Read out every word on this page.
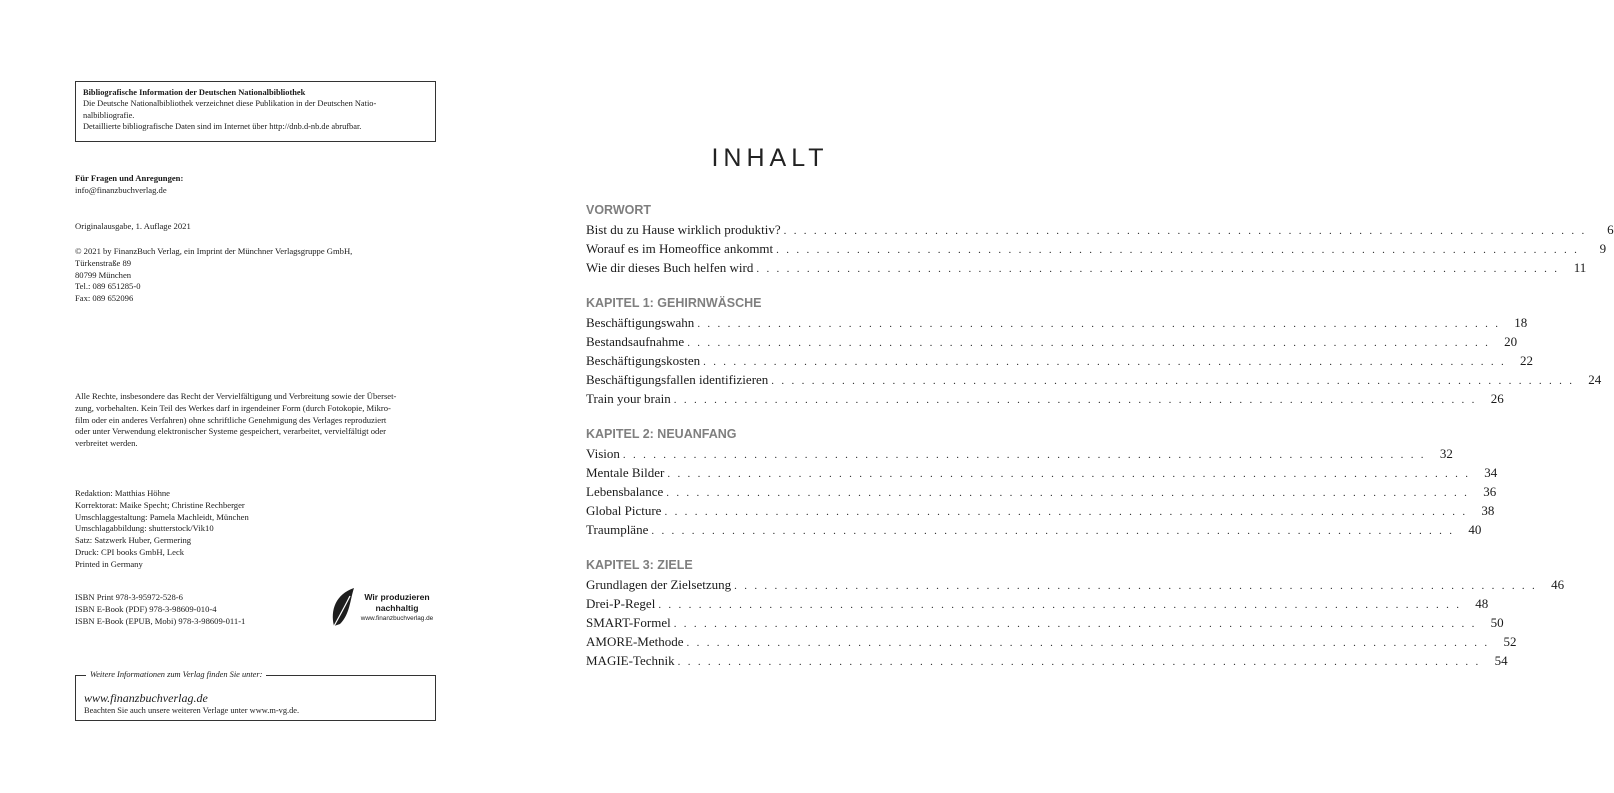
Bibliografische Information der Deutschen Nationalbibliothek
Die Deutsche Nationalbibliothek verzeichnet diese Publikation in der Deutschen Natio-
nalbibliografie.
Detaillierte bibliografische Daten sind im Internet über http://dnb.d-nb.de abrufbar.
Für Fragen und Anregungen:
info@finanzbuchverlag.de
Originalausgabe, 1. Auflage 2021
© 2021 by FinanzBuch Verlag, ein Imprint der Münchner Verlagsgruppe GmbH,
Türkenstraße 89
80799 München
Tel.: 089 651285-0
Fax: 089 652096
Alle Rechte, insbesondere das Recht der Vervielfältigung und Verbreitung sowie der Überset-
zung, vorbehalten. Kein Teil des Werkes darf in irgendeiner Form (durch Fotokopie, Mikro-
film oder ein anderes Verfahren) ohne schriftliche Genehmigung des Verlages reproduziert
oder unter Verwendung elektronischer Systeme gespeichert, verarbeitet, vervielfältigt oder
verbreitet werden.
Redaktion: Matthias Höhne
Korrektorat: Maike Specht; Christine Rechberger
Umschlaggestaltung: Pamela Machleidt, München
Umschlagabbildung: shutterstock/Vik10
Satz: Satzwerk Huber, Germering
Druck: CPI books GmbH, Leck
Printed in Germany
ISBN Print 978-3-95972-528-6
ISBN E-Book (PDF) 978-3-98609-010-4
ISBN E-Book (EPUB, Mobi) 978-3-98609-011-1
Wir produzieren
nachhaltig
www.finanzbuchverlag.de
Weitere Informationen zum Verlag finden Sie unter:
www.finanzbuchverlag.de
Beachten Sie auch unsere weiteren Verlage unter www.m-vg.de.
INHALT
VORWORT
Bist du zu Hause wirklich produktiv? . . . . . . . . . . . . . . . . . . . . . . . . . . . . . . . . . . . . . . . . . . . . . . . . . . . . . . . . . . . . . . . . . . . . . . . . . . . . . . . .	6
Worauf es im Homeoffice ankommt . . . . . . . . . . . . . . . . . . . . . . . . . . . . . . . . . . . . . . . . . . . . . . . . . . . . . . . . . . . . . . . . . . . . . . . . . . . . . . . .	9
Wie dir dieses Buch helfen wird . . . . . . . . . . . . . . . . . . . . . . . . . . . . . . . . . . . . . . . . . . . . . . . . . . . . . . . . . . . . . . . . . . . . . . . . . . . . . . . .	11
KAPITEL 1: GEHIRNWÄSCHE
Beschäftigungswahn . . . . . . . . . . . . . . . . . . . . . . . . . . . . . . . . . . . . . . . . . . . . . . . . . . . . . . . . . . . . . . . . . . . . . . . . . . . . . . . .	18
Bestandsaufnahme . . . . . . . . . . . . . . . . . . . . . . . . . . . . . . . . . . . . . . . . . . . . . . . . . . . . . . . . . . . . . . . . . . . . . . . . . . . . . . . .	20
Beschäftigungskosten . . . . . . . . . . . . . . . . . . . . . . . . . . . . . . . . . . . . . . . . . . . . . . . . . . . . . . . . . . . . . . . . . . . . . . . . . . . . . . . .	22
Beschäftigungsfallen identifizieren . . . . . . . . . . . . . . . . . . . . . . . . . . . . . . . . . . . . . . . . . . . . . . . . . . . . . . . . . . . . . . . . . . . . . . . . . . . . . . . .	24
Train your brain . . . . . . . . . . . . . . . . . . . . . . . . . . . . . . . . . . . . . . . . . . . . . . . . . . . . . . . . . . . . . . . . . . . . . . . . . . . . . . . .	26
KAPITEL 2: NEUANFANG
Vision . . . . . . . . . . . . . . . . . . . . . . . . . . . . . . . . . . . . . . . . . . . . . . . . . . . . . . . . . . . . . . . . . . . . . . . . . . . . . . . .	32
Mentale Bilder . . . . . . . . . . . . . . . . . . . . . . . . . . . . . . . . . . . . . . . . . . . . . . . . . . . . . . . . . . . . . . . . . . . . . . . . . . . . . . . .	34
Lebensbalance . . . . . . . . . . . . . . . . . . . . . . . . . . . . . . . . . . . . . . . . . . . . . . . . . . . . . . . . . . . . . . . . . . . . . . . . . . . . . . . .	36
Global Picture . . . . . . . . . . . . . . . . . . . . . . . . . . . . . . . . . . . . . . . . . . . . . . . . . . . . . . . . . . . . . . . . . . . . . . . . . . . . . . . .	38
Traumpläne . . . . . . . . . . . . . . . . . . . . . . . . . . . . . . . . . . . . . . . . . . . . . . . . . . . . . . . . . . . . . . . . . . . . . . . . . . . . . . . .	40
KAPITEL 3: ZIELE
Grundlagen der Zielsetzung . . . . . . . . . . . . . . . . . . . . . . . . . . . . . . . . . . . . . . . . . . . . . . . . . . . . . . . . . . . . . . . . . . . . . . . . . . . . . . . .	46
Drei-P-Regel . . . . . . . . . . . . . . . . . . . . . . . . . . . . . . . . . . . . . . . . . . . . . . . . . . . . . . . . . . . . . . . . . . . . . . . . . . . . . . . .	48
SMART-Formel . . . . . . . . . . . . . . . . . . . . . . . . . . . . . . . . . . . . . . . . . . . . . . . . . . . . . . . . . . . . . . . . . . . . . . . . . . . . . . . .	50
AMORE-Methode . . . . . . . . . . . . . . . . . . . . . . . . . . . . . . . . . . . . . . . . . . . . . . . . . . . . . . . . . . . . . . . . . . . . . . . . . . . . . . . .	52
MAGIE-Technik . . . . . . . . . . . . . . . . . . . . . . . . . . . . . . . . . . . . . . . . . . . . . . . . . . . . . . . . . . . . . . . . . . . . . . . . . . . . . . . .	54
